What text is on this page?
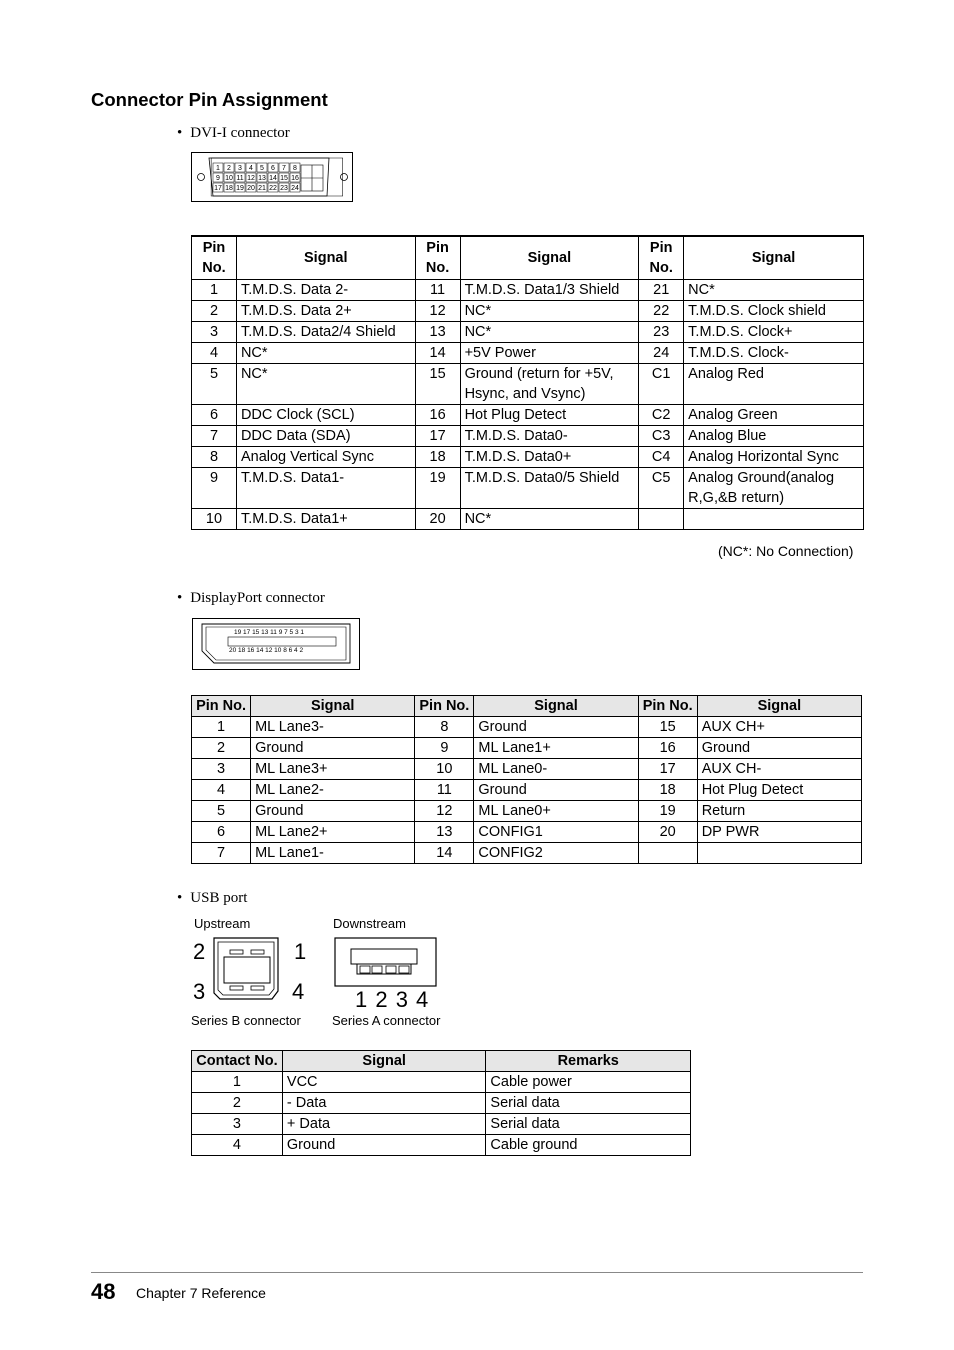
Connector Pin Assignment
• DVI-I connector
1 2 3 4 5 6 7 8
9 10 11 12 13 14 15 16
17 18 19 20 21 22 23 24
Pin No.	Signal	Pin No.	Signal	Pin No.	Signal
1	T.M.D.S. Data 2-	11	T.M.D.S. Data1/3 Shield	21	NC*
2	T.M.D.S. Data 2+	12	NC*	22	T.M.D.S. Clock shield
3	T.M.D.S. Data2/4 Shield	13	NC*	23	T.M.D.S. Clock+
4	NC*	14	+5V Power	24	T.M.D.S. Clock-
5	NC*	15	Ground (return for +5V, Hsync, and Vsync)	C1	Analog Red
6	DDC Clock (SCL)	16	Hot Plug Detect	C2	Analog Green
7	DDC Data (SDA)	17	T.M.D.S. Data0-	C3	Analog Blue
8	Analog Vertical Sync	18	T.M.D.S. Data0+	C4	Analog Horizontal Sync
9	T.M.D.S. Data1-	19	T.M.D.S. Data0/5 Shield	C5	Analog Ground(analog R,G,&B return)
10	T.M.D.S. Data1+	20	NC*		
(NC*: No Connection)
• DisplayPort connector
19 17 15 13 11 9 7 5 3 1
20 18 16 14 12 10 8 6 4 2
Pin No.	Signal	Pin No.	Signal	Pin No.	Signal
1	ML Lane3-	8	Ground	15	AUX CH+
2	Ground	9	ML Lane1+	16	Ground
3	ML Lane3+	10	ML Lane0-	17	AUX CH-
4	ML Lane2-	11	Ground	18	Hot Plug Detect
5	Ground	12	ML Lane0+	19	Return
6	ML Lane2+	13	CONFIG1	20	DP PWR
7	ML Lane1-	14	CONFIG2		
• USB port
Upstream	Downstream
2	1
3	4 1 2 3 4
Series B connector Series A connector
Contact No.	Signal	Remarks
1	VCC	Cable power
2	- Data	Serial data
3	+ Data	Serial data
4	Ground	Cable ground
48 Chapter 7 Reference
